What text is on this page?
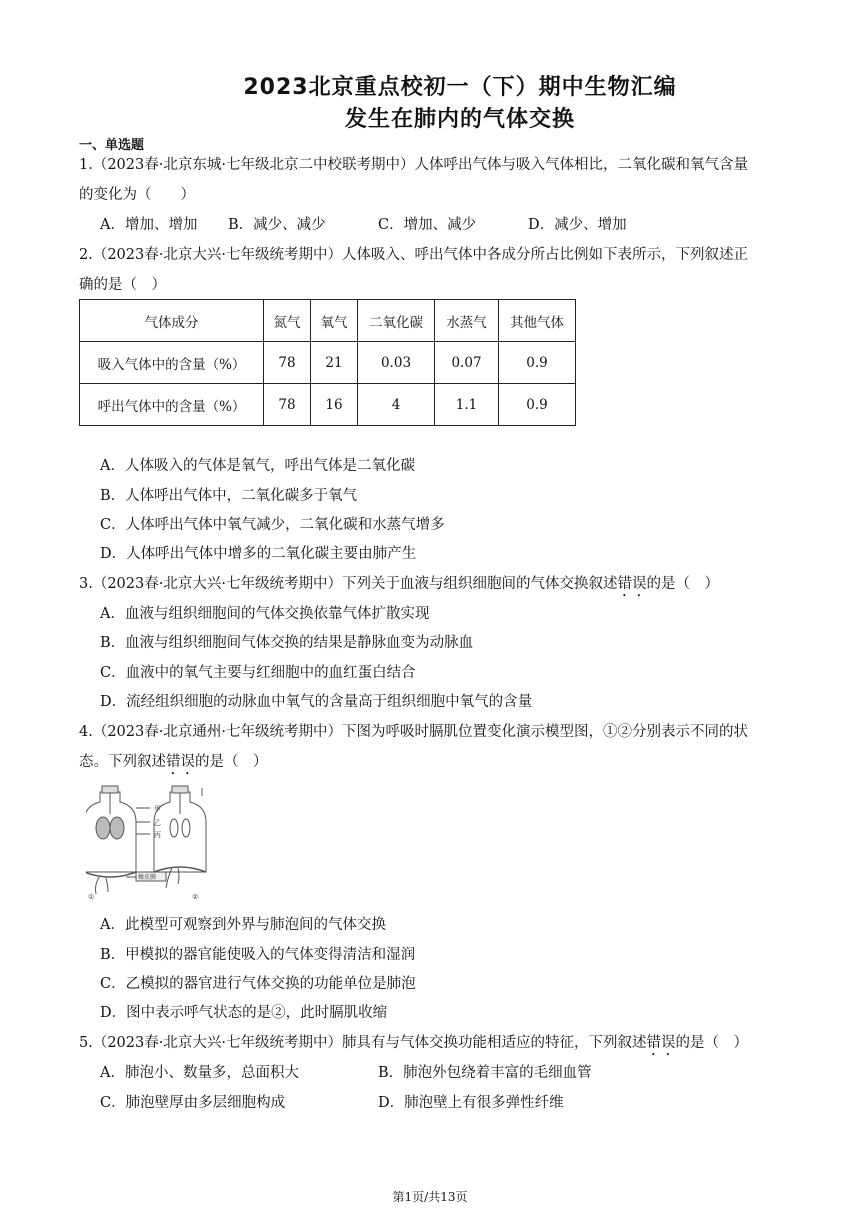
2023北京重点校初一（下）期中生物汇编
发生在肺内的气体交换
一、单选题
1.（2023春·北京东城·七年级北京二中校联考期中）人体呼出气体与吸入气体相比，二氧化碳和氧气含量
的变化为（　　）
A．增加、增加 B．减少、减少	C．增加、减少	D．减少、增加
2.（2023春·北京大兴·七年级统考期中）人体吸入、呼出气体中各成分所占比例如下表所示，下列叙述正
确的是（　）
气体成分	氮气	氧气	二氧化碳	水蒸气	其他气体
吸入气体中的含量（%）	78	21	0.03	0.07	0.9
呼出气体中的含量（%）	78	16	4	1.1	0.9
A．人体吸入的气体是氧气，呼出气体是二氧化碳
B．人体呼出气体中，二氧化碳多于氧气
C．人体呼出气体中氧气减少，二氧化碳和水蒸气增多
D．人体呼出气体中增多的二氧化碳主要由肺产生
3.（2023春·北京大兴·七年级统考期中）下列关于血液与组织细胞间的气体交换叙述错误的是（　）
A．血液与组织细胞间的气体交换依靠气体扩散实现
B．血液与组织细胞间气体交换的结果是静脉血变为动脉血
C．血液中的氧气主要与红细胞中的血红蛋白结合
D．流经组织细胞的动脉血中氧气的含量高于组织细胞中氧气的含量
4.（2023春·北京通州·七年级统考期中）下图为呼吸时膈肌位置变化演示模型图，①②分别表示不同的状
态。下列叙述错误的是（　）
甲
乙
丙
橡皮膜
①	②
A．此模型可观察到外界与肺泡间的气体交换
B．甲模拟的器官能使吸入的气体变得清洁和湿润
C．乙模拟的器官进行气体交换的功能单位是肺泡
D．图中表示呼气状态的是②，此时膈肌收缩
5.（2023春·北京大兴·七年级统考期中）肺具有与气体交换功能相适应的特征，下列叙述错误的是（　）
A．肺泡小、数量多，总面积大	B．肺泡外包绕着丰富的毛细血管
C．肺泡壁厚由多层细胞构成	D．肺泡壁上有很多弹性纤维
第1页/共13页
